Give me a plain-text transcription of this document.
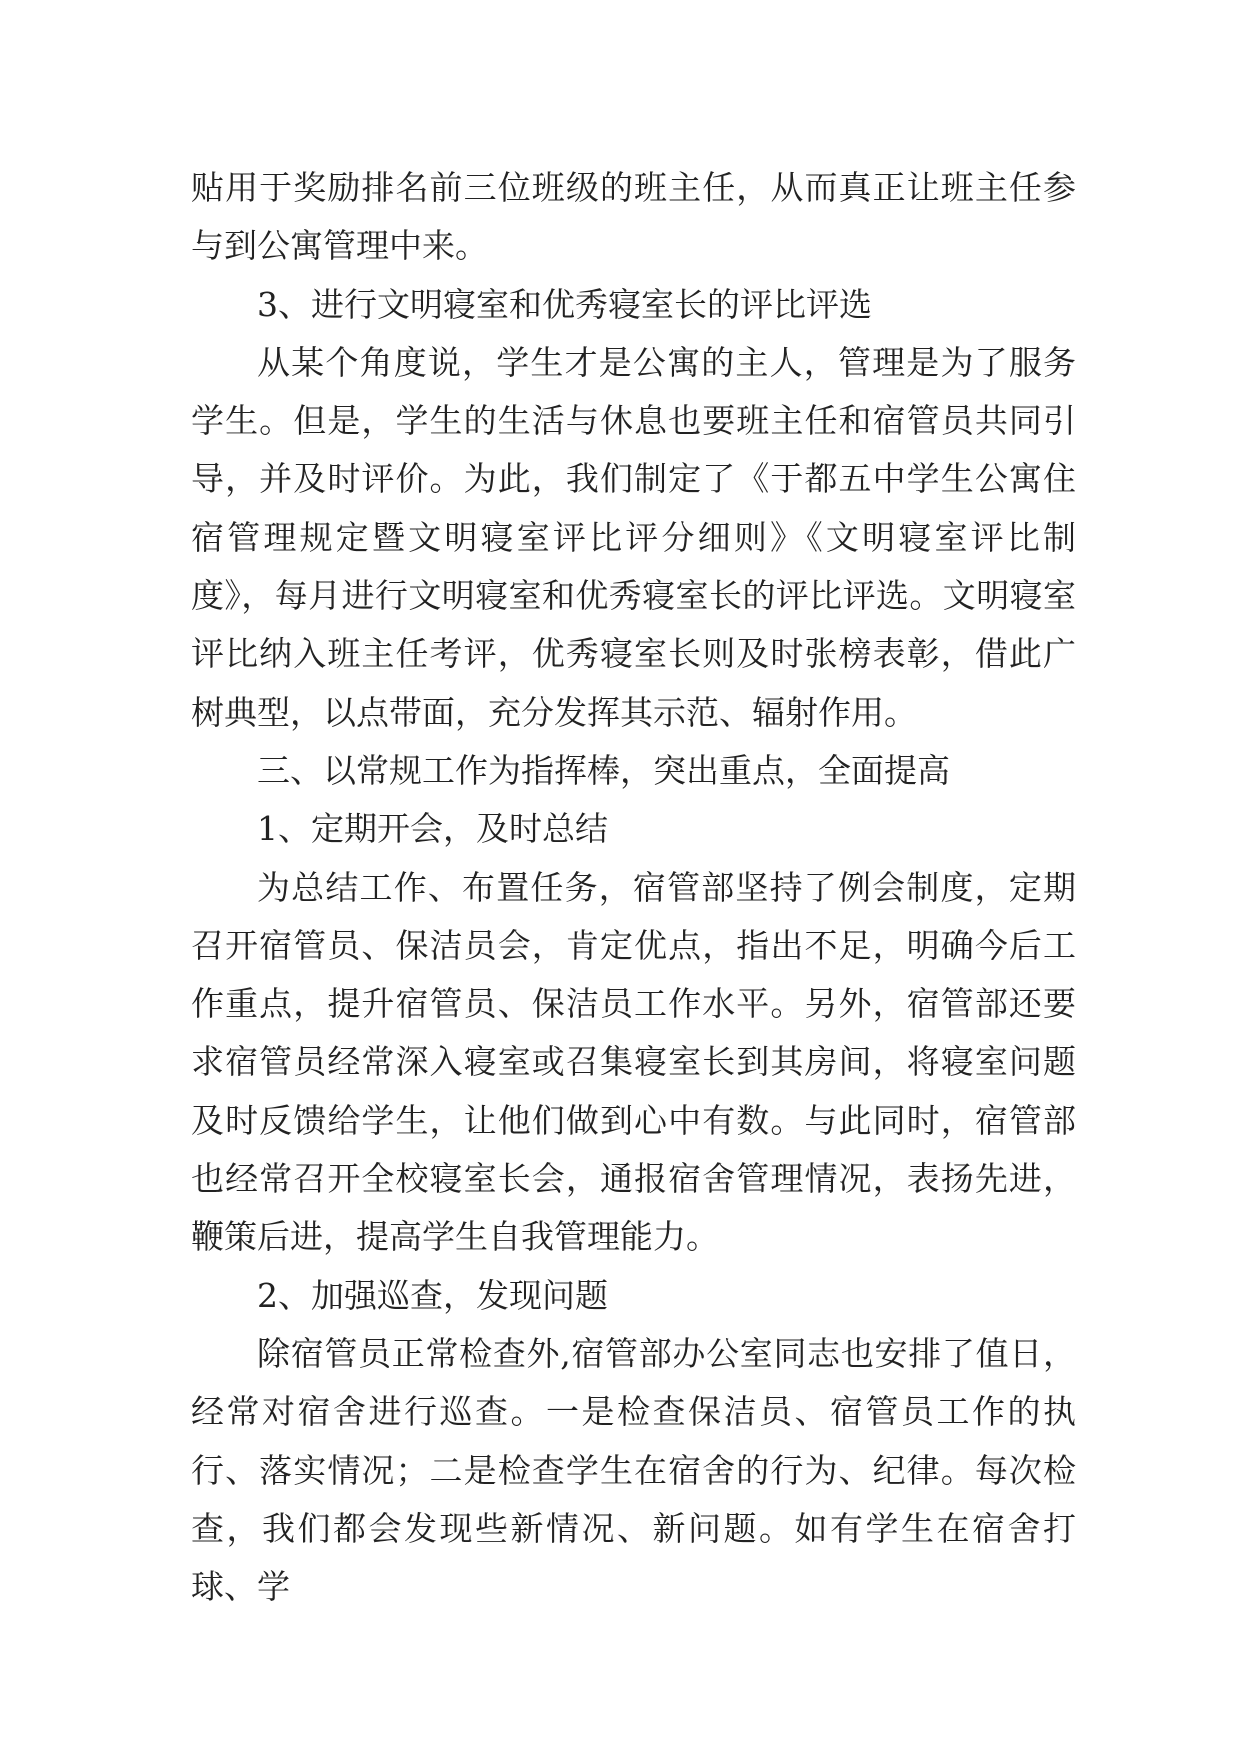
贴用于奖励排名前三位班级的班主任，从而真正让班主任参与到公寓管理中来。

3、进行文明寝室和优秀寝室长的评比评选

从某个角度说，学生才是公寓的主人，管理是为了服务学生。但是，学生的生活与休息也要班主任和宿管员共同引导，并及时评价。为此，我们制定了《于都五中学生公寓住宿管理规定暨文明寝室评比评分细则》《文明寝室评比制度》，每月进行文明寝室和优秀寝室长的评比评选。文明寝室评比纳入班主任考评，优秀寝室长则及时张榜表彰，借此广树典型，以点带面，充分发挥其示范、辐射作用。

三、以常规工作为指挥棒，突出重点，全面提高

1、定期开会，及时总结

为总结工作、布置任务，宿管部坚持了例会制度，定期召开宿管员、保洁员会，肯定优点，指出不足，明确今后工作重点，提升宿管员、保洁员工作水平。另外，宿管部还要求宿管员经常深入寝室或召集寝室长到其房间，将寝室问题及时反馈给学生，让他们做到心中有数。与此同时，宿管部也经常召开全校寝室长会，通报宿舍管理情况，表扬先进，鞭策后进，提高学生自我管理能力。

2、加强巡查，发现问题

除宿管员正常检查外,宿管部办公室同志也安排了值日，经常对宿舍进行巡查。一是检查保洁员、宿管员工作的执行、落实情况；二是检查学生在宿舍的行为、纪律。每次检查，我们都会发现些新情况、新问题。如有学生在宿舍打球、学
